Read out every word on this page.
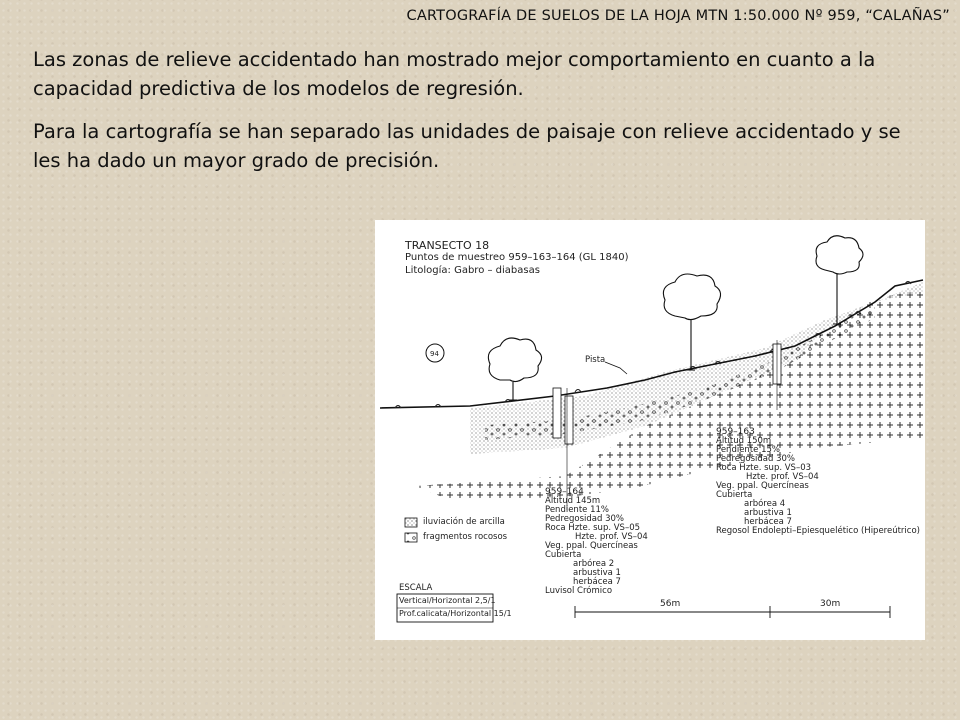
CARTOGRAFÍA DE SUELOS DE LA HOJA MTN 1:50.000 Nº 959, “CALAÑAS”

Las zonas de relieve accidentado han mostrado mejor comportamiento en cuanto a la capacidad predictiva de los modelos de regresión.

Para la cartografía se han separado las unidades de paisaje con relieve accidentado y se les ha dado un mayor grado de precisión.

94
Pista
TRANSECTO 18
Puntos de muestreo 959–163–164 (GL 1840)
Litología: Gabro – diabasas
iluviación de arcilla
fragmentos rocosos
ESCALA
Vertical/Horizontal 2,5/1
Prof.calicata/Horizontal 15/1
56m	30m
959–163
Altitud 150m
Pendiente 15%
Pedregosidad 30%
Roca Hzte. sup. VS–03
Hzte. prof. VS–04
Veg. ppal. Quercíneas
Cubierta
arbórea 4
arbustiva 1
herbácea 7
Regosol Endolepti–Epiesquelético (Hipereútrico)
959–164
Altitud 145m
Pendiente 11%
Pedregosidad 30%
Roca Hzte. sup. VS–05
Hzte. prof. VS–04
Veg. ppal. Quercíneas
Cubierta
arbórea 2
arbustiva 1
herbácea 7
Luvisol Crómico
